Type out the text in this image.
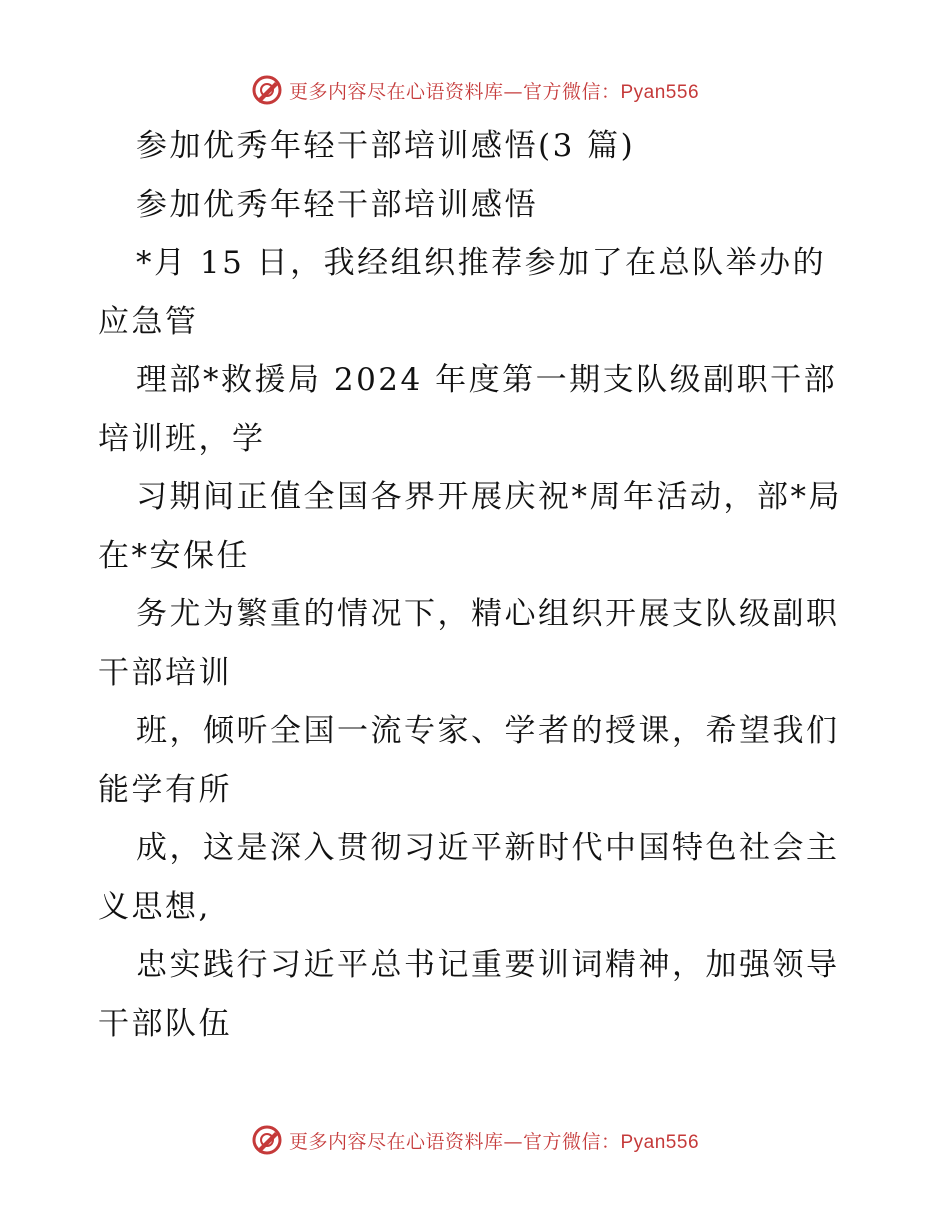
更多内容尽在心语资料库—官方微信：Pyan556
参加优秀年轻干部培训感悟(3 篇)
参加优秀年轻干部培训感悟
*月 15 日，我经组织推荐参加了在总队举办的
应急管
理部*救援局 2024 年度第一期支队级副职干部
培训班，学
习期间正值全国各界开展庆祝*周年活动，部*局
在*安保任
务尤为繁重的情况下，精心组织开展支队级副职
干部培训
班，倾听全国一流专家、学者的授课，希望我们
能学有所
成，这是深入贯彻习近平新时代中国特色社会主
义思想,
忠实践行习近平总书记重要训词精神，加强领导
干部队伍
更多内容尽在心语资料库—官方微信：Pyan556
